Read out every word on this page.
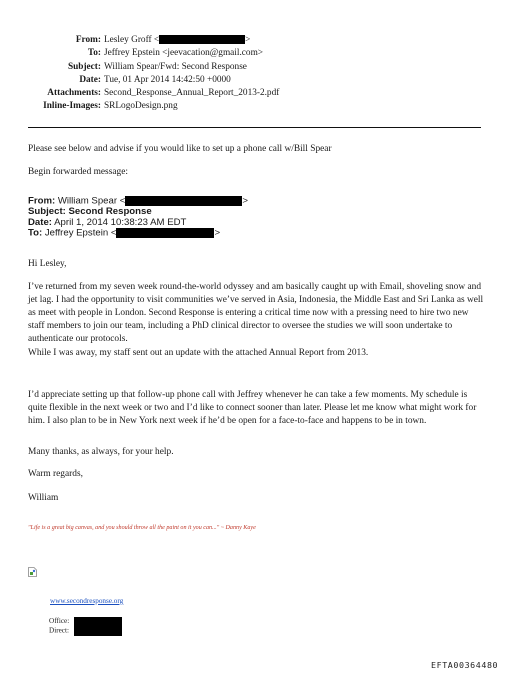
From: Lesley Groff <	>
To: Jeffrey Epstein <jeevacation@gmail.com>
Subject: William Spear/Fwd: Second Response
Date: Tue, 01 Apr 2014 14:42:50 +0000
Attachments: Second_Response_Annual_Report_2013-2.pdf
Inline-Images: SRLogoDesign.png

Please see below and advise if you would like to set up a phone call w/Bill Spear

Begin forwarded message:

From: William Spear <	>
Subject: Second Response
Date: April 1, 2014 10:38:23 AM EDT
To: Jeffrey Epstein <	>

Hi Lesley,

I’ve returned from my seven week round-the-world odyssey and am basically caught up with Email, shoveling snow and jet lag. I had the opportunity to visit communities we’ve served in Asia, Indonesia, the Middle East and Sri Lanka as well as meet with people in London. Second Response is entering a critical time now with a pressing need to hire two new staff members to join our team, including a PhD clinical director to oversee the studies we will soon undertake to authenticate our protocols.

While I was away, my staff sent out an update with the attached Annual Report from 2013.

I’d appreciate setting up that follow-up phone call with Jeffrey whenever he can take a few moments. My schedule is quite flexible in the next week or two and I’d like to connect sooner than later. Please let me know what might work for him. I also plan to be in New York next week if he’d be open for a face-to-face and happens to be in town.

Many thanks, as always, for your help.

Warm regards,

William

"Life is a great big canvas, and you should throw all the paint on it you can..." ~ Danny Kaye
www.secondresponse.org
Office:
Direct:
EFTA00364480
